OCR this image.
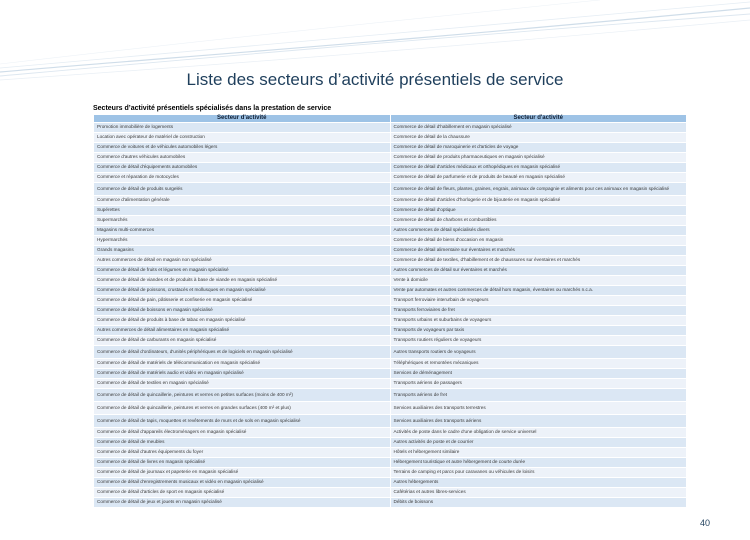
Liste des secteurs d’activité présentiels de service
Secteurs d’activité présentiels spécialisés dans la prestation de service
Secteur d'activité	Secteur d'activité
Promotion immobilière de logements	Commerce de détail d'habillement en magasin spécialisé
Location avec opérateur de matériel de construction	Commerce de détail de la chaussure
Commerce de voitures et de véhicules automobiles légers	Commerce de détail de maroquinerie et d'articles de voyage
Commerce d'autres véhicules automobiles	Commerce de détail de produits pharmaceutiques en magasin spécialisé
Commerce de détail d'équipements automobiles	Commerce de détail d'articles médicaux et orthopédiques en magasin spécialisé
Commerce et réparation de motocycles	Commerce de détail de parfumerie et de produits de beauté en magasin spécialisé
Commerce de détail de produits surgelés	Commerce de détail de fleurs, plantes, graines, engrais, animaux de compagnie et aliments pour ces animaux en magasin spécialisé
Commerce d'alimentation générale	Commerce de détail d'articles d'horlogerie et de bijouterie en magasin spécialisé
Supérettes	Commerce de détail d'optique
Supermarchés	Commerce de détail de charbons et combustibles
Magasins multi-commerces	Autres commerces de détail spécialisés divers
Hypermarchés	Commerce de détail de biens d'occasion en magasin
Grands magasins	Commerce de détail alimentaire sur éventaires et marchés
Autres commerces de détail en magasin non spécialisé	Commerce de détail de textiles, d'habillement et de chaussures sur éventaires et marchés
Commerce de détail de fruits et légumes en magasin spécialisé	Autres commerces de détail sur éventaires et marchés
Commerce de détail de viandes et de produits à base de viande en magasin spécialisé	Vente à domicile
Commerce de détail de poissons, crustacés et mollusques en magasin spécialisé	Vente par automates et autres commerces de détail hors magasin, éventaires ou marchés n.c.a.
Commerce de détail de pain, pâtisserie et confiserie en magasin spécialisé	Transport ferroviaire interurbain de voyageurs
Commerce de détail de boissons en magasin spécialisé	Transports ferroviaires de fret
Commerce de détail de produits à base de tabac en magasin spécialisé	Transports urbains et suburbains de voyageurs
Autres commerces de détail alimentaires en magasin spécialisé	Transports de voyageurs par taxis
Commerce de détail de carburants en magasin spécialisé	Transports routiers réguliers de voyageurs
Commerce de détail d'ordinateurs, d'unités périphériques et de logiciels en magasin spécialisé	Autres transports routiers de voyageurs
Commerce de détail de matériels de télécommunication en magasin spécialisé	Téléphériques et remontées mécaniques
Commerce de détail de matériels audio et vidéo en magasin spécialisé	Services de déménagement
Commerce de détail de textiles en magasin spécialisé	Transports aériens de passagers
Commerce de détail de quincaillerie, peintures et verres en petites surfaces (moins de 400 m²)	Transports aériens de fret
Commerce de détail de quincaillerie, peintures et verres en grandes surfaces (400 m² et plus)	Services auxiliaires des transports terrestres
Commerce de détail de tapis, moquettes et revêtements de murs et de sols en magasin spécialisé	Services auxiliaires des transports aériens
Commerce de détail d'appareils électroménagers en magasin spécialisé	Activités de poste dans le cadre d'une obligation de service universel
Commerce de détail de meubles	Autres activités de poste et de courrier
Commerce de détail d'autres équipements du foyer	Hôtels et hébergement similaire
Commerce de détail de livres en magasin spécialisé	Hébergement touristique et autre hébergement de courte durée
Commerce de détail de journaux et papeterie en magasin spécialisé	Terrains de camping et parcs pour caravanes ou véhicules de loisirs
Commerce de détail d'enregistrements musicaux et vidéo en magasin spécialisé	Autres hébergements
Commerce de détail d'articles de sport en magasin spécialisé	Cafétérias et autres libres-services
Commerce de détail de jeux et jouets en magasin spécialisé	Débits de boissons
40
